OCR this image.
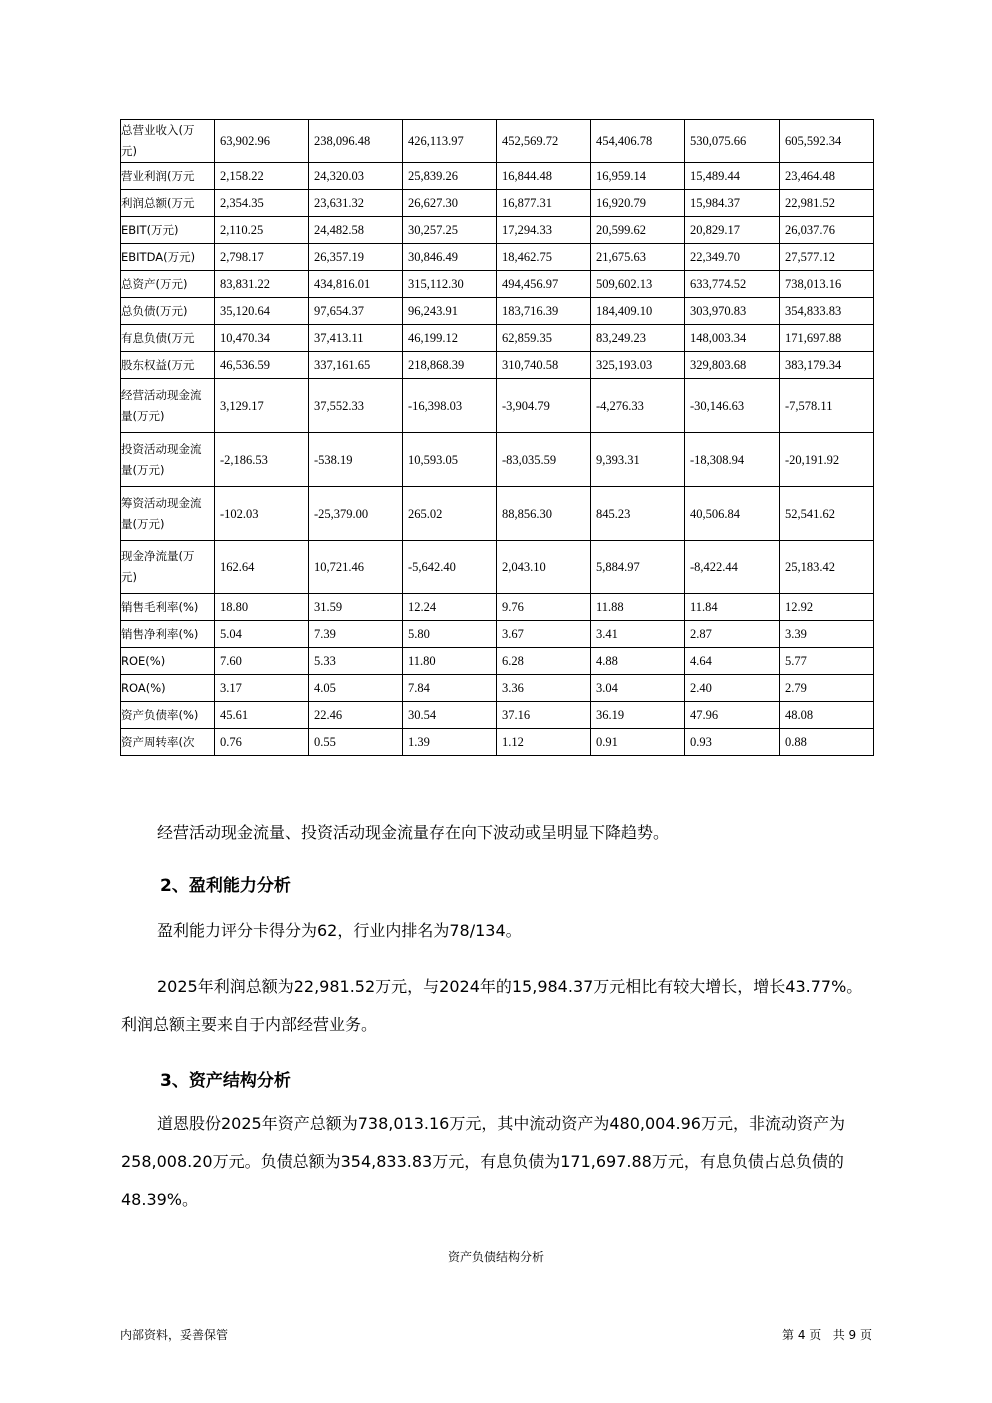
总营业收入(万元)	63,902.96	238,096.48	426,113.97	452,569.72	454,406.78	530,075.66	605,592.34
营业利润(万元	2,158.22	24,320.03	25,839.26	16,844.48	16,959.14	15,489.44	23,464.48
利润总额(万元	2,354.35	23,631.32	26,627.30	16,877.31	16,920.79	15,984.37	22,981.52
EBIT(万元)	2,110.25	24,482.58	30,257.25	17,294.33	20,599.62	20,829.17	26,037.76
EBITDA(万元)	2,798.17	26,357.19	30,846.49	18,462.75	21,675.63	22,349.70	27,577.12
总资产(万元)	83,831.22	434,816.01	315,112.30	494,456.97	509,602.13	633,774.52	738,013.16
总负债(万元)	35,120.64	97,654.37	96,243.91	183,716.39	184,409.10	303,970.83	354,833.83
有息负债(万元	10,470.34	37,413.11	46,199.12	62,859.35	83,249.23	148,003.34	171,697.88
股东权益(万元	46,536.59	337,161.65	218,868.39	310,740.58	325,193.03	329,803.68	383,179.34
经营活动现金流量(万元)	3,129.17	37,552.33	-16,398.03	-3,904.79	-4,276.33	-30,146.63	-7,578.11
投资活动现金流量(万元)	-2,186.53	-538.19	10,593.05	-83,035.59	9,393.31	-18,308.94	-20,191.92
筹资活动现金流量(万元)	-102.03	-25,379.00	265.02	88,856.30	845.23	40,506.84	52,541.62
现金净流量(万元)	162.64	10,721.46	-5,642.40	2,043.10	5,884.97	-8,422.44	25,183.42
销售毛利率(%)	18.80	31.59	12.24	9.76	11.88	11.84	12.92
销售净利率(%)	5.04	7.39	5.80	3.67	3.41	2.87	3.39
ROE(%)	7.60	5.33	11.80	6.28	4.88	4.64	5.77
ROA(%)	3.17	4.05	7.84	3.36	3.04	2.40	2.79
资产负债率(%)	45.61	22.46	30.54	37.16	36.19	47.96	48.08
资产周转率(次	0.76	0.55	1.39	1.12	0.91	0.93	0.88
经营活动现金流量、投资活动现金流量存在向下波动或呈明显下降趋势。
2、盈利能力分析
盈利能力评分卡得分为62，行业内排名为78/134。
2025年利润总额为22,981.52万元，与2024年的15,984.37万元相比有较大增长，增长43.77%。利润总额主要来自于内部经营业务。
3、资产结构分析
道恩股份2025年资产总额为738,013.16万元，其中流动资产为480,004.96万元，非流动资产为258,008.20万元。负债总额为354,833.83万元，有息负债为171,697.88万元，有息负债占总负债的48.39%。
资产负债结构分析
内部资料，妥善保管	第 4 页   共 9 页
